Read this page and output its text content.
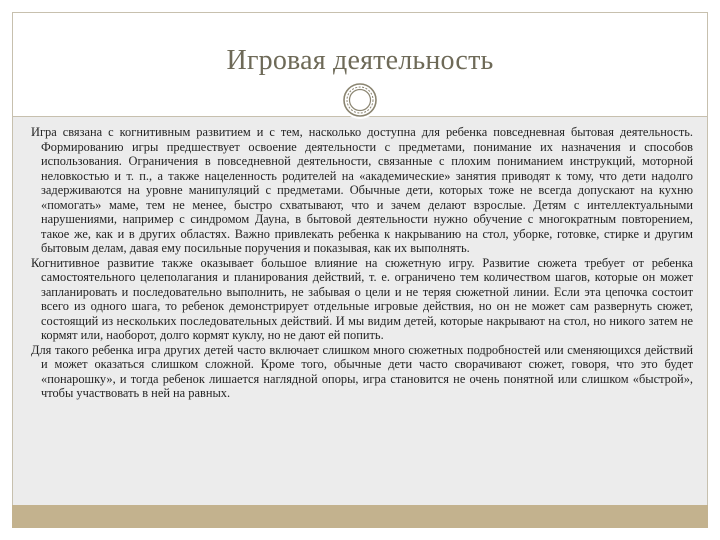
Игровая деятельность

Игра связана с когнитивным развитием и с тем, насколько доступна для ребенка повседневная бытовая деятельность. Формированию игры предшествует освоение деятельности с предметами, понимание их назначения и способов использования. Ограничения в повседневной деятельности, связанные с плохим пониманием инструкций, моторной неловкостью и т. п., а также нацеленность родителей на «академические» занятия приводят к тому, что дети надолго задерживаются на уровне манипуляций с предметами. Обычные дети, которых тоже не всегда допускают на кухню «помогать» маме, тем не менее, быстро схватывают, что и зачем делают взрослые. Детям с интеллектуальными нарушениями, например с синдромом Дауна, в бытовой деятельности нужно обучение с многократным повторением, такое же, как и в других областях. Важно привлекать ребенка к накрыванию на стол, уборке, готовке, стирке и другим бытовым делам, давая ему посильные поручения и показывая, как их выполнять.

Когнитивное развитие также оказывает большое влияние на сюжетную игру. Развитие сюжета требует от ребенка самостоятельного целеполагания и планирования действий, т. е. ограничено тем количеством шагов, которые он может запланировать и последовательно выполнить, не забывая о цели и не теряя сюжетной линии. Если эта цепочка состоит всего из одного шага, то ребенок демонстрирует отдельные игровые действия, но он не может сам развернуть сюжет, состоящий из нескольких последовательных действий. И мы видим детей, которые накрывают на стол, но никого затем не кормят или, наоборот, долго кормят куклу, но не дают ей попить.

Для такого ребенка игра других детей часто включает слишком много сюжетных подробностей или сменяющихся действий и может оказаться слишком сложной. Кроме того, обычные дети часто сворачивают сюжет, говоря, что это будет «понарошку», и тогда ребенок лишается наглядной опоры, игра становится не очень понятной или слишком «быстрой», чтобы участвовать в ней на равных.
